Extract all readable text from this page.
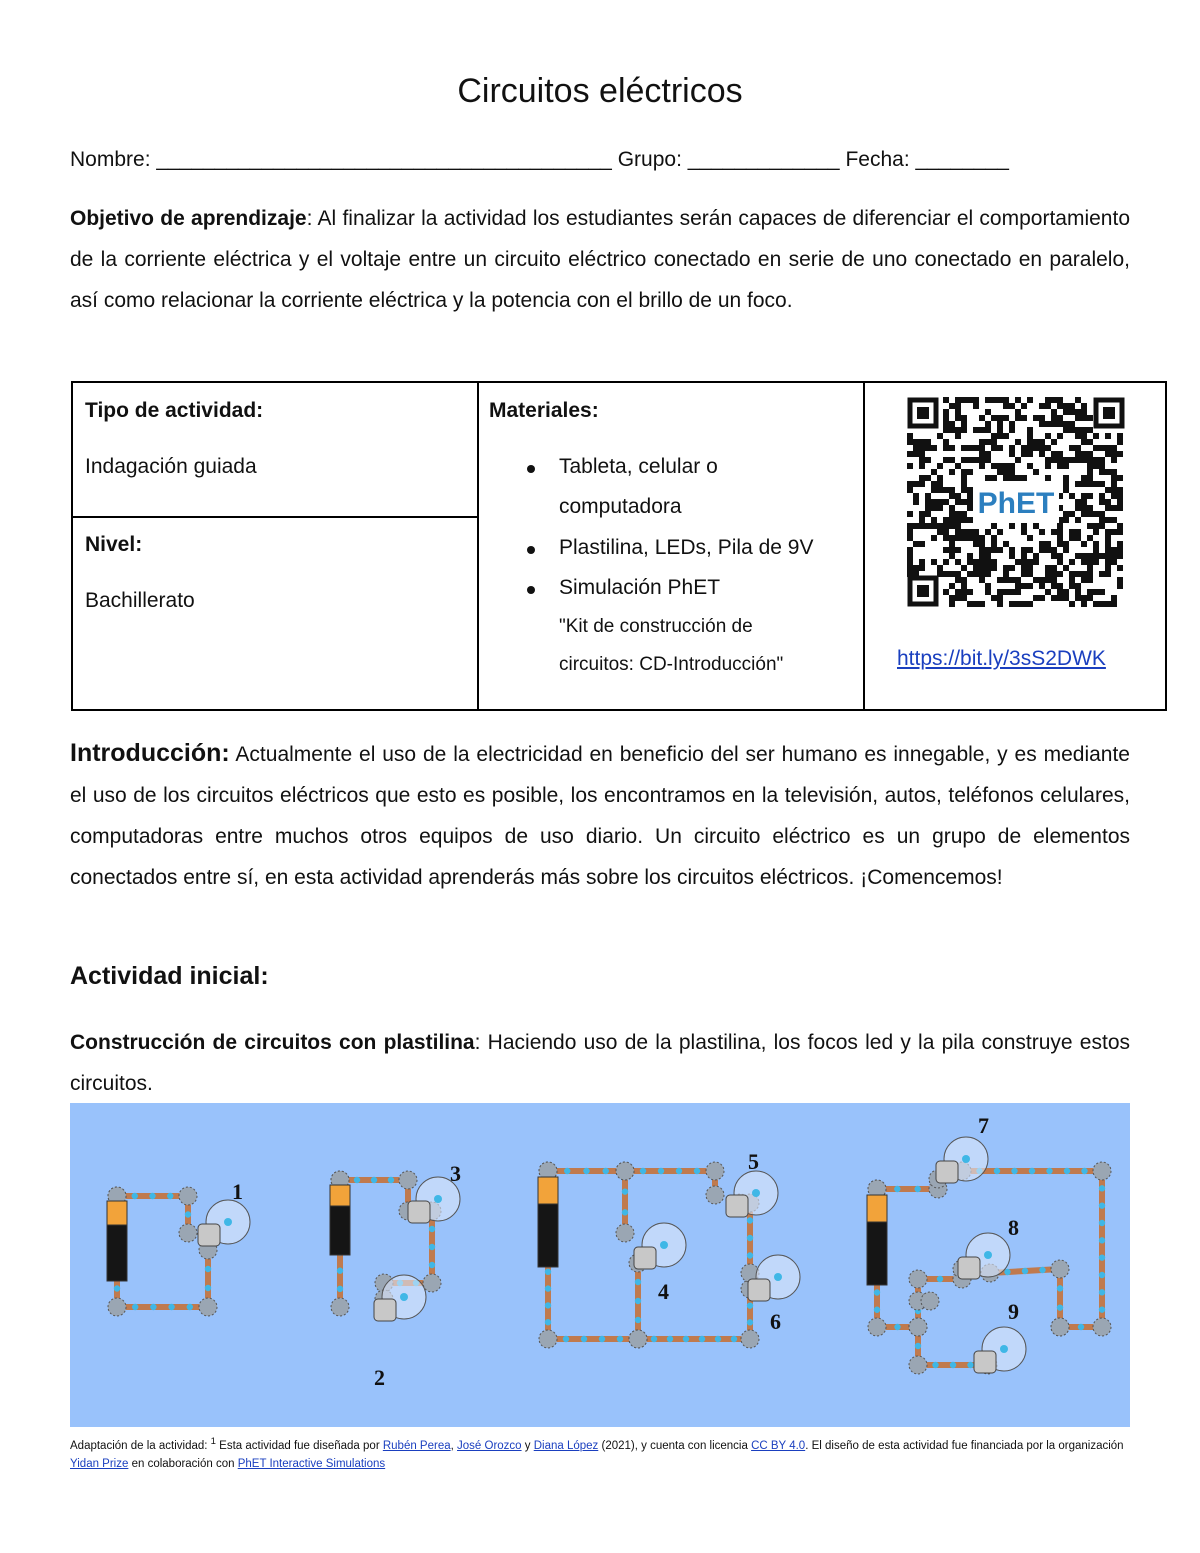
Circuitos eléctricos
Nombre: _______________________________________ Grupo: _____________ Fecha: ________
Objetivo de aprendizaje: Al finalizar la actividad los estudiantes serán capaces de diferenciar el comportamiento de la corriente eléctrica y el voltaje entre un circuito eléctrico conectado en serie de uno conectado en paralelo, así como relacionar la corriente eléctrica y la potencia con el brillo de un foco.
Tipo de actividad:
Indagación guiada
Nivel:
Bachillerato
Materiales:
Tableta, celular o
computadora
Plastilina, LEDs, Pila de 9V
Simulación PhET
"Kit de construcción de
circuitos: CD-Introducción"
PhET
https://bit.ly/3sS2DWK
Introducción: Actualmente el uso de la electricidad en beneficio del ser humano es innegable, y es mediante el uso de los circuitos eléctricos que esto es posible, los encontramos en la televisión, autos, teléfonos celulares, computadoras entre muchos otros equipos de uso diario. Un circuito eléctrico es un grupo de elementos conectados entre sí, en esta actividad aprenderás más sobre los circuitos eléctricos. ¡Comencemos!
Actividad inicial:
Construcción de circuitos con plastilina: Haciendo uso de la plastilina, los focos led y la pila construye estos circuitos.
1
2
3
4
5
6
7
8
9
Adaptación de la actividad: $^1$ Esta actividad fue diseñada por Rubén Perea, José Orozco y Diana López (2021), y cuenta con licencia CC BY 4.0. El diseño de esta actividad fue financiada por la organización Yidan Prize en colaboración con PhET Interactive Simulations
